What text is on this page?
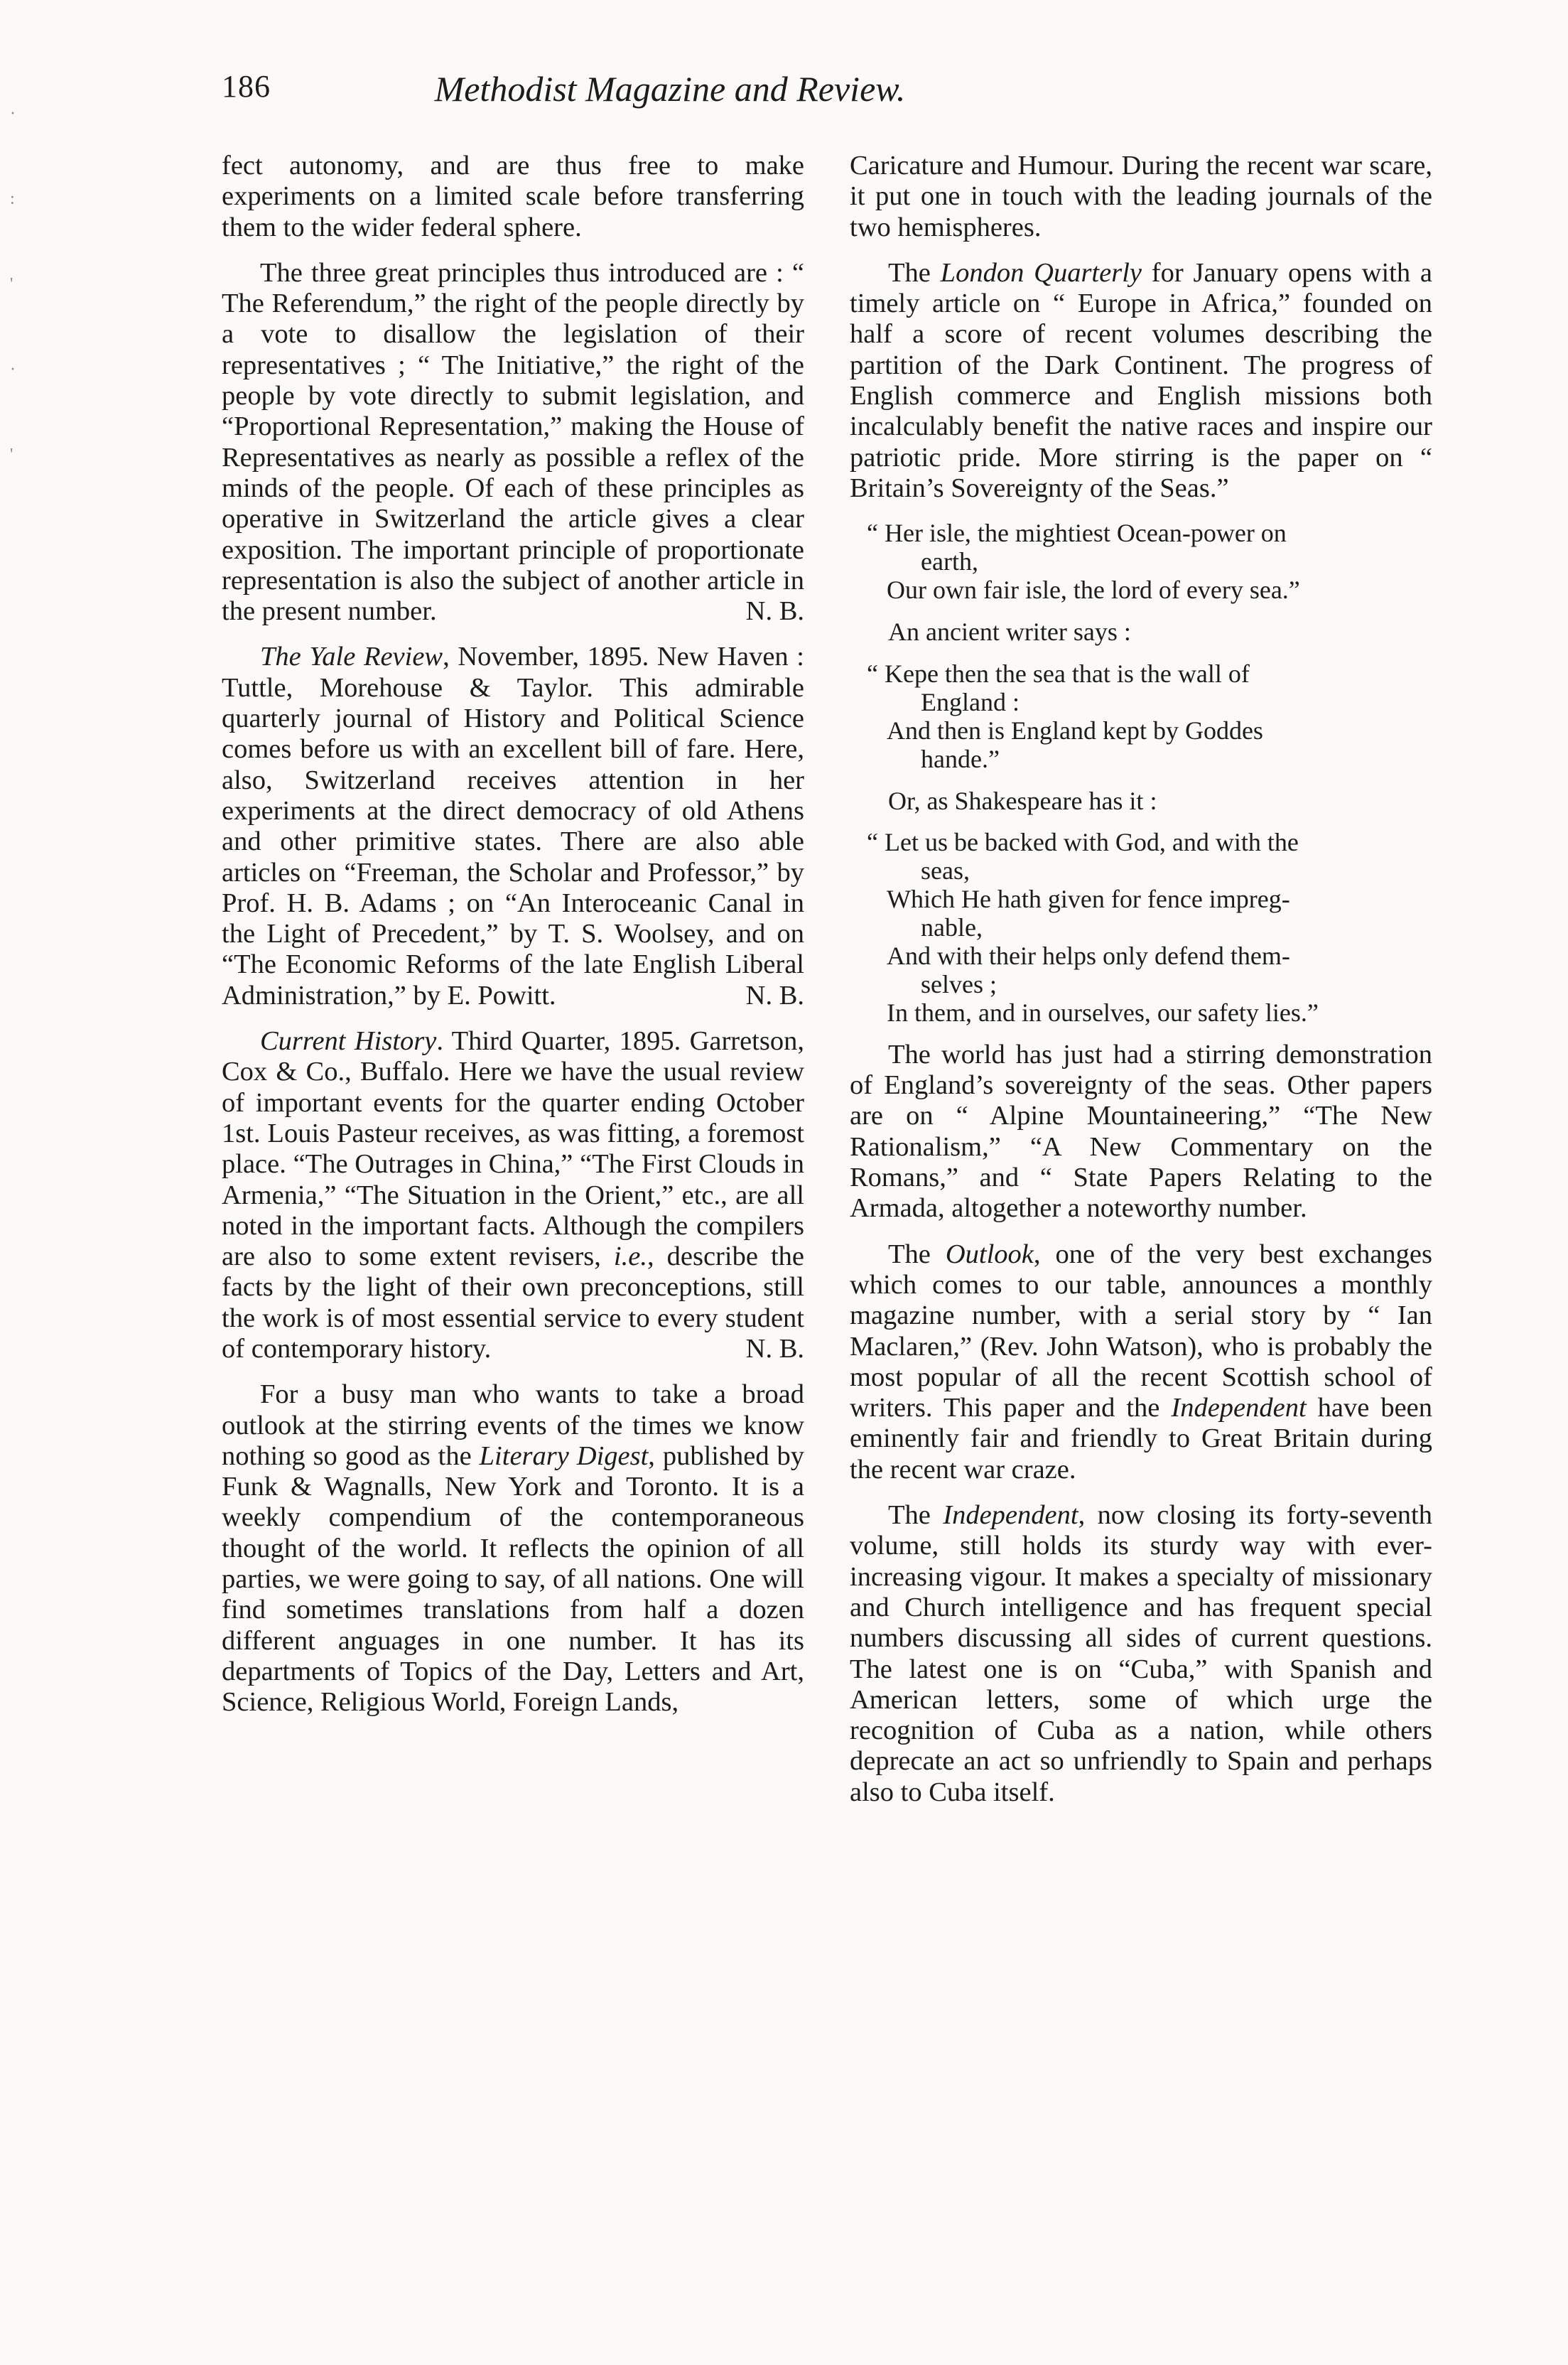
·
:
'
·
'
186	Methodist Magazine and Review.

fect autonomy, and are thus free to make experiments on a limited scale before transferring them to the wider federal sphere.

The three great principles thus introduced are : “ The Referendum,” the right of the people directly by a vote to disallow the legislation of their representatives ; “ The Initiative,” the right of the people by vote directly to submit legislation, and “Proportional Representation,” making the House of Representatives as nearly as possible a reflex of the minds of the people. Of each of these principles as operative in Switzerland the article gives a clear exposition. The important principle of proportionate representation is also the subject of another article in the present number.	N. B.

The Yale Review, November, 1895. New Haven : Tuttle, Morehouse & Taylor. This admirable quarterly journal of History and Political Science comes before us with an excellent bill of fare. Here, also, Switzerland receives attention in her experiments at the direct democracy of old Athens and other primitive states. There are also able articles on “Freeman, the Scholar and Professor,” by Prof. H. B. Adams ; on “An Interoceanic Canal in the Light of Precedent,” by T. S. Woolsey, and on “The Economic Reforms of the late English Liberal Administration,” by E. Powitt.	N. B.

Current History. Third Quarter, 1895. Garretson, Cox & Co., Buffalo. Here we have the usual review of important events for the quarter ending October 1st. Louis Pasteur receives, as was fitting, a foremost place. “The Outrages in China,” “The First Clouds in Armenia,” “The Situation in the Orient,” etc., are all noted in the important facts. Although the compilers are also to some extent revisers, i.e., describe the facts by the light of their own preconceptions, still the work is of most essential service to every student of contemporary history.	N. B.

For a busy man who wants to take a broad outlook at the stirring events of the times we know nothing so good as the Literary Digest, published by Funk & Wagnalls, New York and Toronto. It is a weekly compendium of the contemporaneous thought of the world. It reflects the opinion of all parties, we were going to say, of all nations. One will find sometimes translations from half a dozen different anguages in one number. It has its departments of Topics of the Day, Letters and Art, Science, Religious World, Foreign Lands,

Caricature and Humour. During the recent war scare, it put one in touch with the leading journals of the two hemispheres.

The London Quarterly for January opens with a timely article on “ Europe in Africa,” founded on half a score of recent volumes describing the partition of the Dark Continent. The progress of English commerce and English missions both incalculably benefit the native races and inspire our patriotic pride. More stirring is the paper on “ Britain’s Sovereignty of the Seas.”

“ Her isle, the mightiest Ocean-power on

earth,

Our own fair isle, the lord of every sea.”

An ancient writer says :

“ Kepe then the sea that is the wall of

England :

And then is England kept by Goddes

hande.”

Or, as Shakespeare has it :

“ Let us be backed with God, and with the

seas,

Which He hath given for fence impreg-

nable,

And with their helps only defend them-

selves ;

In them, and in ourselves, our safety lies.”

The world has just had a stirring demonstration of England’s sovereignty of the seas. Other papers are on “ Alpine Mountaineering,” “The New Rationalism,” “A New Commentary on the Romans,” and “ State Papers Relating to the Armada, altogether a noteworthy number.

The Outlook, one of the very best exchanges which comes to our table, announces a monthly magazine number, with a serial story by “ Ian Maclaren,” (Rev. John Watson), who is probably the most popular of all the recent Scottish school of writers. This paper and the Independent have been eminently fair and friendly to Great Britain during the recent war craze.

The Independent, now closing its forty-seventh volume, still holds its sturdy way with ever-increasing vigour. It makes a specialty of missionary and Church intelligence and has frequent special numbers discussing all sides of current questions. The latest one is on “Cuba,” with Spanish and American letters, some of which urge the recognition of Cuba as a nation, while others deprecate an act so unfriendly to Spain and perhaps also to Cuba itself.
